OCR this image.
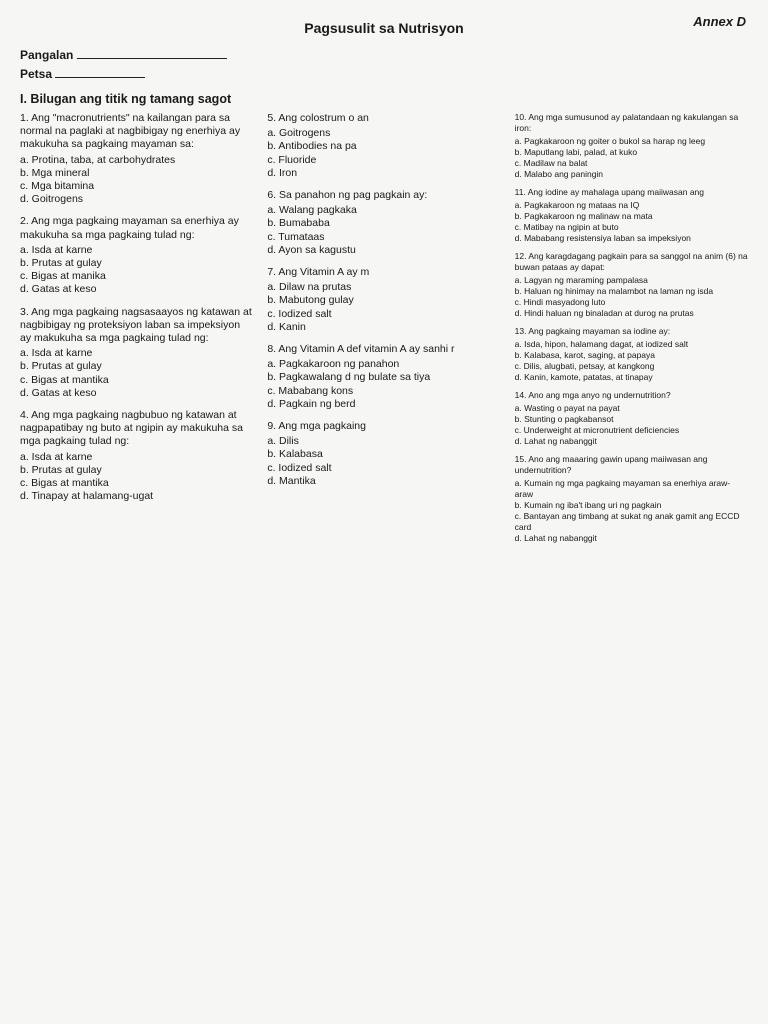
Annex D
Pagsusulit sa Nutrisyon
Pangalan
Petsa
I. Bilugan ang titik ng tamang sagot

1. Ang "macronutrients" na kailangan para sa normal na paglaki at nagbibigay ng enerhiya ay makukuha sa pagkaing mayaman sa:

a. Protina, taba, at carbohydrates
b. Mga mineral
c. Mga bitamina
d. Goitrogens

2. Ang mga pagkaing mayaman sa enerhiya ay makukuha sa mga pagkaing tulad ng:

a. Isda at karne
b. Prutas at gulay
c. Bigas at manika
d. Gatas at keso

3. Ang mga pagkaing nagsasaayos ng katawan at nagbibigay ng proteksiyon laban sa impeksiyon ay makukuha sa mga pagkaing tulad ng:

a. Isda at karne
b. Prutas at gulay
c. Bigas at mantika
d. Gatas at keso

4. Ang mga pagkaing nagbubuo ng katawan at nagpapatibay ng buto at ngipin ay makukuha sa mga pagkaing tulad ng:

a. Isda at karne
b. Prutas at gulay
c. Bigas at mantika
d. Tinapay at halamang-ugat

5. Ang colostrum o an

a. Goitrogens
b. Antibodies na pa
c. Fluoride
d. Iron

6. Sa panahon ng pag pagkain ay:

a. Walang pagkaka
b. Bumababa
c. Tumataas
d. Ayon sa kagustu

7. Ang Vitamin A ay m

a. Dilaw na prutas
b. Mabutong gulay
c. Iodized salt
d. Kanin

8. Ang Vitamin A def vitamin A ay sanhi r

a. Pagkakaroon ng panahon
b. Pagkawalang d ng bulate sa tiya
c. Mababang kons
d. Pagkain ng berd

9. Ang mga pagkaing

a. Dilis
b. Kalabasa
c. Iodized salt
d. Mantika

10. Ang mga sumusunod ay palatandaan ng kakulangan sa iron:

a. Pagkakaroon ng goiter o bukol sa harap ng leeg
b. Maputlang labi, palad, at kuko
c. Madilaw na balat
d. Malabo ang paningin

11. Ang iodine ay mahalaga upang maiiwasan ang

a. Pagkakaroon ng mataas na IQ
b. Pagkakaroon ng malinaw na mata
c. Matibay na ngipin at buto
d. Mababang resistensiya laban sa impeksiyon

12. Ang karagdagang pagkain para sa sanggol na anim (6) na buwan pataas ay dapat:

a. Lagyan ng maraming pampalasa
b. Haluan ng hinimay na malambot na laman ng isda
c. Hindi masyadong luto
d. Hindi haluan ng binaladan at durog na prutas

13. Ang pagkaing mayaman sa iodine ay:

a. Isda, hipon, halamang dagat, at iodized salt
b. Kalabasa, karot, saging, at papaya
c. Dilis, alugbati, petsay, at kangkong
d. Kanin, kamote, patatas, at tinapay

14. Ano ang mga anyo ng undernutrition?

a. Wasting o payat na payat
b. Stunting o pagkabansot
c. Underweight at micronutrient deficiencies
d. Lahat ng nabanggit

15. Ano ang maaaring gawin upang maiiwasan ang undernutrition?

a. Kumain ng mga pagkaing mayaman sa enerhiya araw-araw
b. Kumain ng iba't ibang uri ng pagkain
c. Bantayan ang timbang at sukat ng anak gamit ang ECCD card
d. Lahat ng nabanggit
